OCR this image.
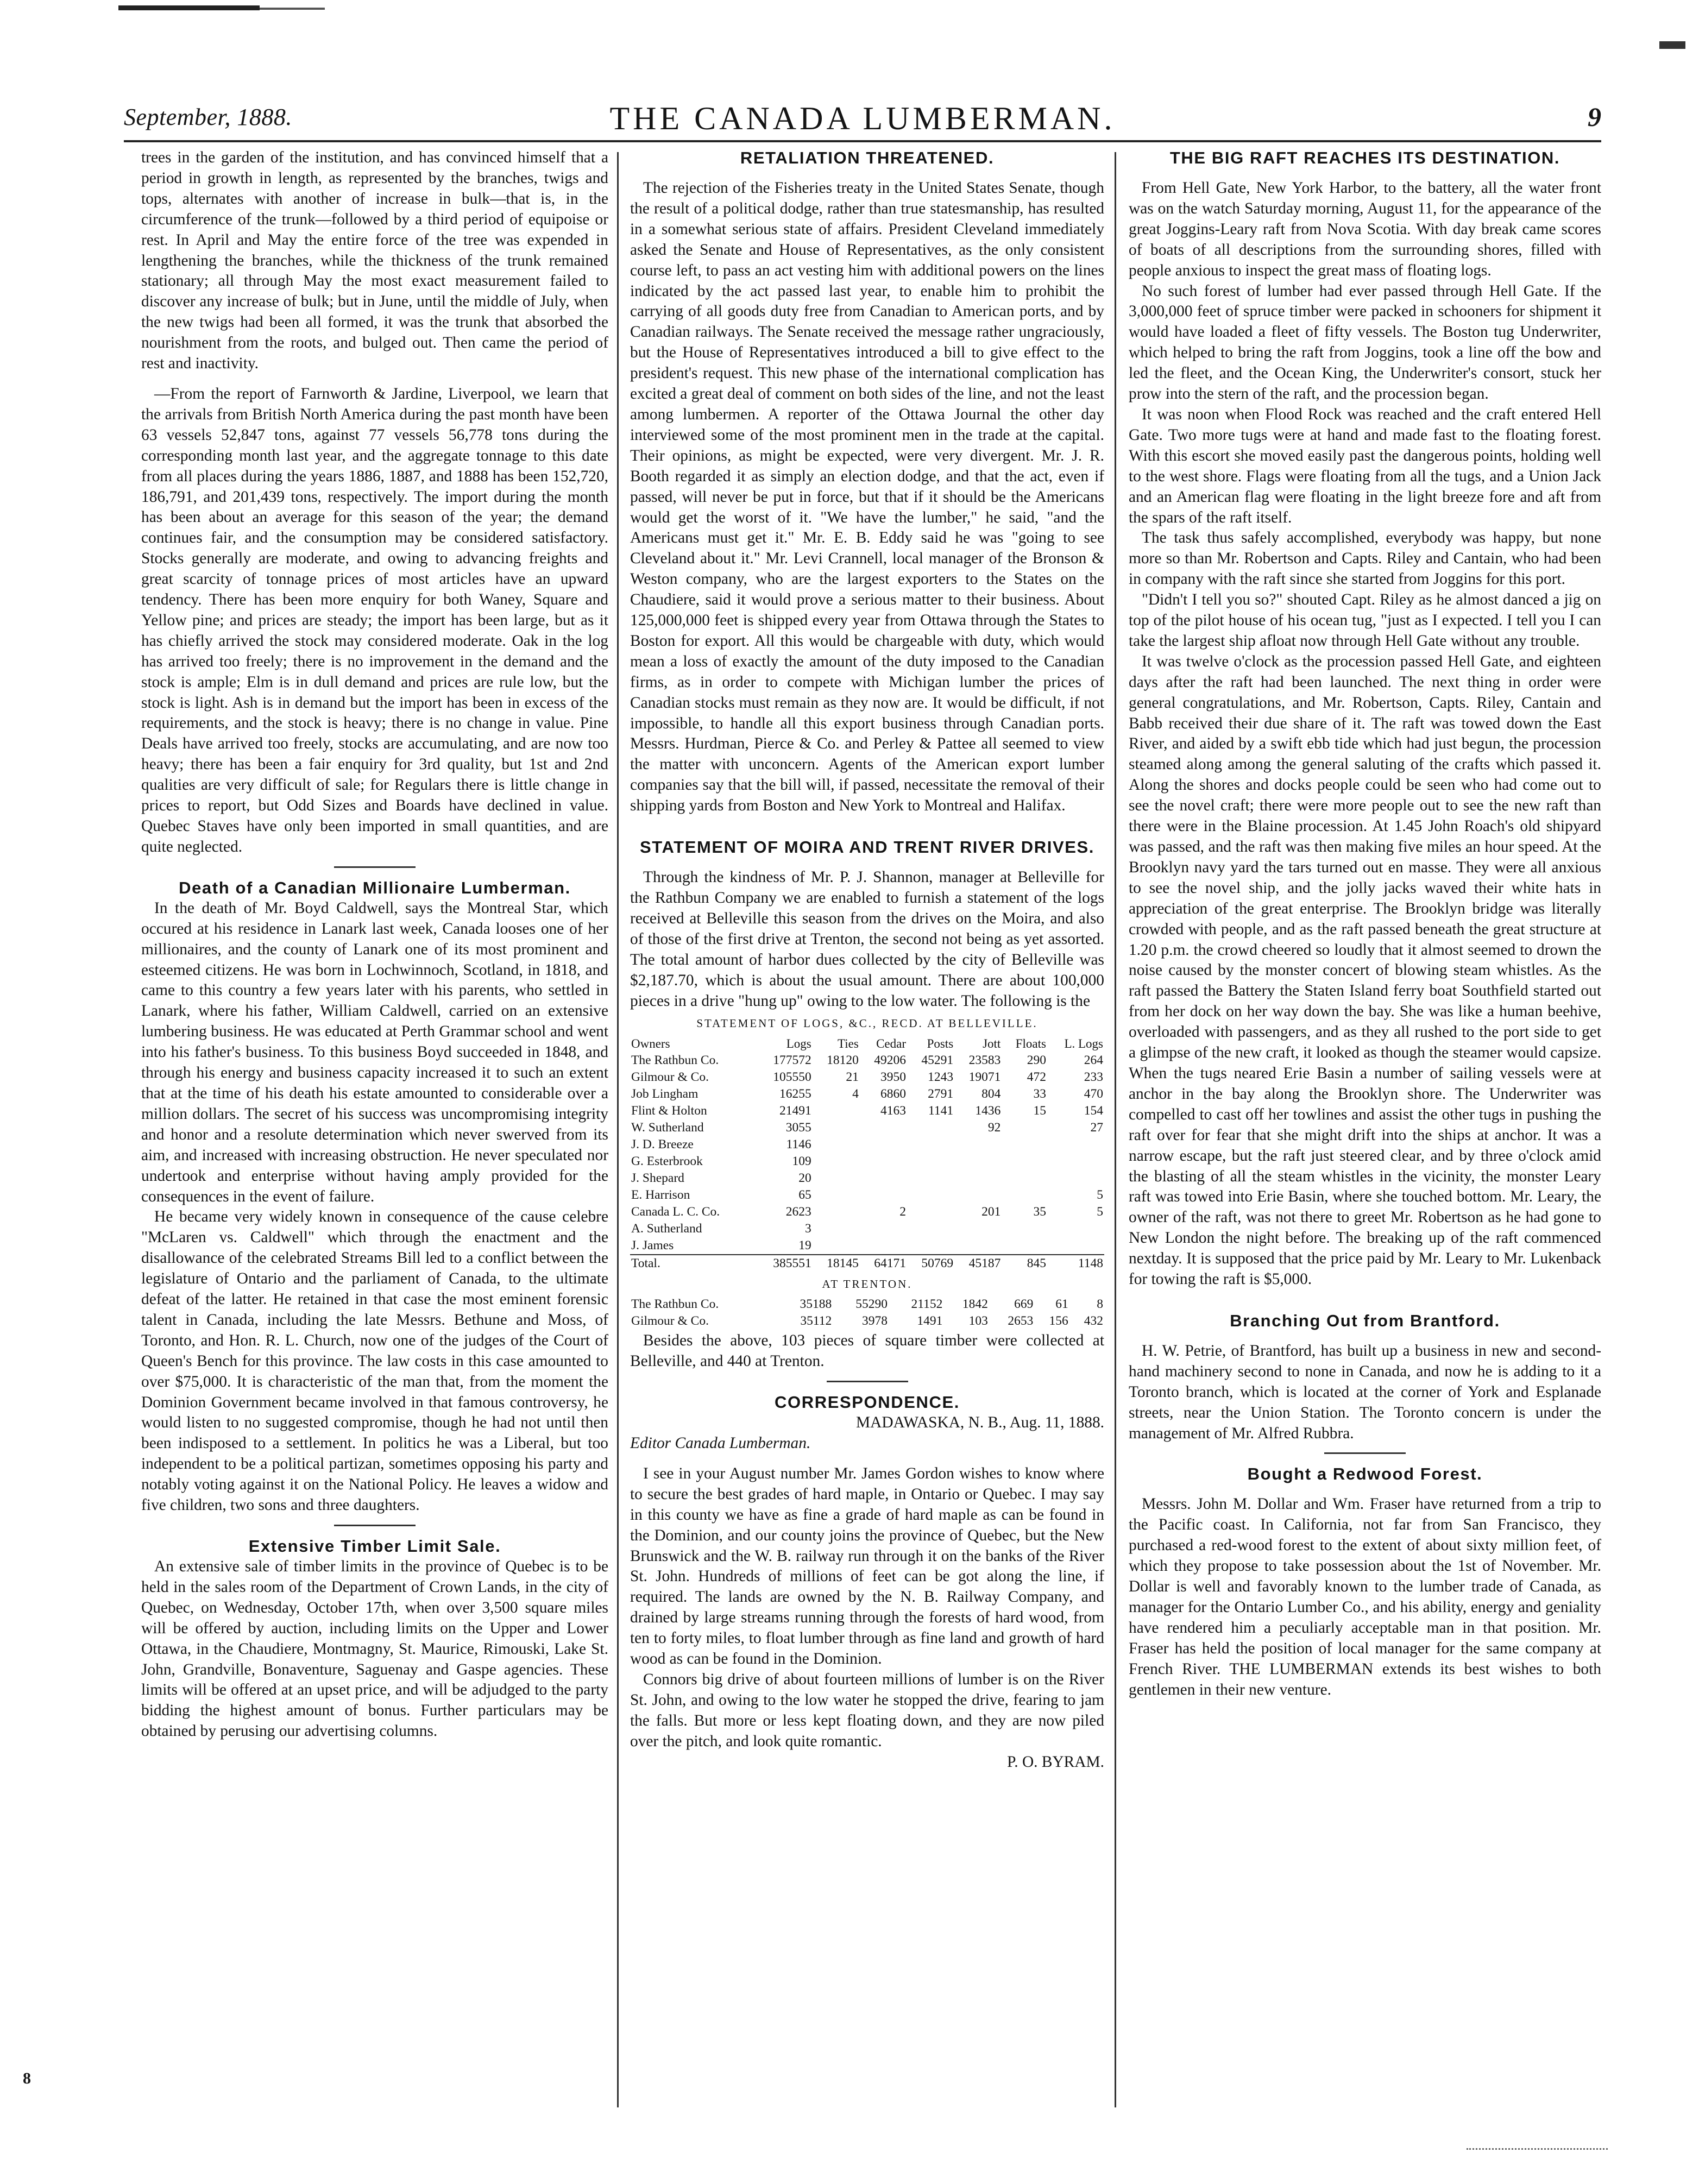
September, 1888.	THE CANADA LUMBERMAN.	9

trees in the garden of the institution, and has convinced himself that a period in growth in length, as represented by the branches, twigs and tops, alternates with another of increase in bulk—that is, in the circumference of the trunk—followed by a third period of equipoise or rest. In April and May the entire force of the tree was expended in lengthening the branches, while the thickness of the trunk remained stationary; all through May the most exact measurement failed to discover any increase of bulk; but in June, until the middle of July, when the new twigs had been all formed, it was the trunk that absorbed the nourishment from the roots, and bulged out. Then came the period of rest and inactivity.

—From the report of Farnworth & Jardine, Liverpool, we learn that the arrivals from British North America during the past month have been 63 vessels 52,847 tons, against 77 vessels 56,778 tons during the corresponding month last year, and the aggregate tonnage to this date from all places during the years 1886, 1887, and 1888 has been 152,720, 186,791, and 201,439 tons, respectively. The import during the month has been about an average for this season of the year; the demand continues fair, and the consumption may be considered satisfactory. Stocks generally are moderate, and owing to advancing freights and great scarcity of tonnage prices of most articles have an upward tendency. There has been more enquiry for both Waney, Square and Yellow pine; and prices are steady; the import has been large, but as it has chiefly arrived the stock may considered moderate. Oak in the log has arrived too freely; there is no improvement in the demand and the stock is ample; Elm is in dull demand and prices are rule low, but the stock is light. Ash is in demand but the import has been in excess of the requirements, and the stock is heavy; there is no change in value. Pine Deals have arrived too freely, stocks are accumulating, and are now too heavy; there has been a fair enquiry for 3rd quality, but 1st and 2nd qualities are very difficult of sale; for Regulars there is little change in prices to report, but Odd Sizes and Boards have declined in value. Quebec Staves have only been imported in small quantities, and are quite neglected.

Death of a Canadian Millionaire Lumberman.

In the death of Mr. Boyd Caldwell, says the Montreal Star, which occured at his residence in Lanark last week, Canada looses one of her millionaires, and the county of Lanark one of its most prominent and esteemed citizens. He was born in Lochwinnoch, Scotland, in 1818, and came to this country a few years later with his parents, who settled in Lanark, where his father, William Caldwell, carried on an extensive lumbering business. He was educated at Perth Grammar school and went into his father's business. To this business Boyd succeeded in 1848, and through his energy and business capacity increased it to such an extent that at the time of his death his estate amounted to considerable over a million dollars. The secret of his success was uncompromising integrity and honor and a resolute determination which never swerved from its aim, and increased with increasing obstruction. He never speculated nor undertook and enterprise without having amply provided for the consequences in the event of failure.

He became very widely known in consequence of the cause celebre "McLaren vs. Caldwell" which through the enactment and the disallowance of the celebrated Streams Bill led to a conflict between the legislature of Ontario and the parliament of Canada, to the ultimate defeat of the latter. He retained in that case the most eminent forensic talent in Canada, including the late Messrs. Bethune and Moss, of Toronto, and Hon. R. L. Church, now one of the judges of the Court of Queen's Bench for this province. The law costs in this case amounted to over $75,000. It is characteristic of the man that, from the moment the Dominion Government became involved in that famous controversy, he would listen to no suggested compromise, though he had not until then been indisposed to a settlement. In politics he was a Liberal, but too independent to be a political partizan, sometimes opposing his party and notably voting against it on the National Policy. He leaves a widow and five children, two sons and three daughters.

Extensive Timber Limit Sale.

An extensive sale of timber limits in the province of Quebec is to be held in the sales room of the Department of Crown Lands, in the city of Quebec, on Wednesday, October 17th, when over 3,500 square miles will be offered by auction, including limits on the Upper and Lower Ottawa, in the Chaudiere, Montmagny, St. Maurice, Rimouski, Lake St. John, Grandville, Bonaventure, Saguenay and Gaspe agencies. These limits will be offered at an upset price, and will be adjudged to the party bidding the highest amount of bonus. Further particulars may be obtained by perusing our advertising columns.

RETALIATION THREATENED.

The rejection of the Fisheries treaty in the United States Senate, though the result of a political dodge, rather than true statesmanship, has resulted in a somewhat serious state of affairs. President Cleveland immediately asked the Senate and House of Representatives, as the only consistent course left, to pass an act vesting him with additional powers on the lines indicated by the act passed last year, to enable him to prohibit the carrying of all goods duty free from Canadian to American ports, and by Canadian railways. The Senate received the message rather ungraciously, but the House of Representatives introduced a bill to give effect to the president's request. This new phase of the international complication has excited a great deal of comment on both sides of the line, and not the least among lumbermen. A reporter of the Ottawa Journal the other day interviewed some of the most prominent men in the trade at the capital. Their opinions, as might be expected, were very divergent. Mr. J. R. Booth regarded it as simply an election dodge, and that the act, even if passed, will never be put in force, but that if it should be the Americans would get the worst of it. "We have the lumber," he said, "and the Americans must get it." Mr. E. B. Eddy said he was "going to see Cleveland about it." Mr. Levi Crannell, local manager of the Bronson & Weston company, who are the largest exporters to the States on the Chaudiere, said it would prove a serious matter to their business. About 125,000,000 feet is shipped every year from Ottawa through the States to Boston for export. All this would be chargeable with duty, which would mean a loss of exactly the amount of the duty imposed to the Canadian firms, as in order to compete with Michigan lumber the prices of Canadian stocks must remain as they now are. It would be difficult, if not impossible, to handle all this export business through Canadian ports. Messrs. Hurdman, Pierce & Co. and Perley & Pattee all seemed to view the matter with unconcern. Agents of the American export lumber companies say that the bill will, if passed, necessitate the removal of their shipping yards from Boston and New York to Montreal and Halifax.

STATEMENT OF MOIRA AND TRENT RIVER DRIVES.

Through the kindness of Mr. P. J. Shannon, manager at Belleville for the Rathbun Company we are enabled to furnish a statement of the logs received at Belleville this season from the drives on the Moira, and also of those of the first drive at Trenton, the second not being as yet assorted. The total amount of harbor dues collected by the city of Belleville was $2,187.70, which is about the usual amount. There are about 100,000 pieces in a drive "hung up" owing to the low water. The following is the

STATEMENT OF LOGS, &C., RECD. AT BELLEVILLE.
Owners	Logs	Ties	Cedar	Posts	Jott	Floats	L. Logs
The Rathbun Co.	177572	18120	49206	45291	23583	290	264
Gilmour & Co.	105550	21	3950	1243	19071	472	233
Job Lingham	16255	4	6860	2791	804	33	470
Flint & Holton	21491		4163	1141	1436	15	154
W. Sutherland	3055				92		27
J. D. Breeze	1146						
G. Esterbrook	109						
J. Shepard	20						
E. Harrison	65						5
Canada L. C. Co.	2623		2		201	35	5
A. Sutherland	3						
J. James	19						
Total.	385551	18145	64171	50769	45187	845	1148
AT TRENTON.
The Rathbun Co.	35188	55290	21152	1842	669	61	8
Gilmour & Co.	35112	3978	1491	103	2653	156	432

Besides the above, 103 pieces of square timber were collected at Belleville, and 440 at Trenton.

CORRESPONDENCE.
MADAWASKA, N. B., Aug. 11, 1888.

Editor Canada Lumberman.

I see in your August number Mr. James Gordon wishes to know where to secure the best grades of hard maple, in Ontario or Quebec. I may say in this county we have as fine a grade of hard maple as can be found in the Dominion, and our county joins the province of Quebec, but the New Brunswick and the W. B. railway run through it on the banks of the River St. John. Hundreds of millions of feet can be got along the line, if required. The lands are owned by the N. B. Railway Company, and drained by large streams running through the forests of hard wood, from ten to forty miles, to float lumber through as fine land and growth of hard wood as can be found in the Dominion.

Connors big drive of about fourteen millions of lumber is on the River St. John, and owing to the low water he stopped the drive, fearing to jam the falls. But more or less kept floating down, and they are now piled over the pitch, and look quite romantic.

P. O. BYRAM.
THE BIG RAFT REACHES ITS DESTINATION.

From Hell Gate, New York Harbor, to the battery, all the water front was on the watch Saturday morning, August 11, for the appearance of the great Joggins-Leary raft from Nova Scotia. With day break came scores of boats of all descriptions from the surrounding shores, filled with people anxious to inspect the great mass of floating logs.

No such forest of lumber had ever passed through Hell Gate. If the 3,000,000 feet of spruce timber were packed in schooners for shipment it would have loaded a fleet of fifty vessels. The Boston tug Underwriter, which helped to bring the raft from Joggins, took a line off the bow and led the fleet, and the Ocean King, the Underwriter's consort, stuck her prow into the stern of the raft, and the procession began.

It was noon when Flood Rock was reached and the craft entered Hell Gate. Two more tugs were at hand and made fast to the floating forest. With this escort she moved easily past the dangerous points, holding well to the west shore. Flags were floating from all the tugs, and a Union Jack and an American flag were floating in the light breeze fore and aft from the spars of the raft itself.

The task thus safely accomplished, everybody was happy, but none more so than Mr. Robertson and Capts. Riley and Cantain, who had been in company with the raft since she started from Joggins for this port.

"Didn't I tell you so?" shouted Capt. Riley as he almost danced a jig on top of the pilot house of his ocean tug, "just as I expected. I tell you I can take the largest ship afloat now through Hell Gate without any trouble.

It was twelve o'clock as the procession passed Hell Gate, and eighteen days after the raft had been launched. The next thing in order were general congratulations, and Mr. Robertson, Capts. Riley, Cantain and Babb received their due share of it. The raft was towed down the East River, and aided by a swift ebb tide which had just begun, the procession steamed along among the general saluting of the crafts which passed it. Along the shores and docks people could be seen who had come out to see the novel craft; there were more people out to see the new raft than there were in the Blaine procession. At 1.45 John Roach's old shipyard was passed, and the raft was then making five miles an hour speed. At the Brooklyn navy yard the tars turned out en masse. They were all anxious to see the novel ship, and the jolly jacks waved their white hats in appreciation of the great enterprise. The Brooklyn bridge was literally crowded with people, and as the raft passed beneath the great structure at 1.20 p.m. the crowd cheered so loudly that it almost seemed to drown the noise caused by the monster concert of blowing steam whistles. As the raft passed the Battery the Staten Island ferry boat Southfield started out from her dock on her way down the bay. She was like a human beehive, overloaded with passengers, and as they all rushed to the port side to get a glimpse of the new craft, it looked as though the steamer would capsize. When the tugs neared Erie Basin a number of sailing vessels were at anchor in the bay along the Brooklyn shore. The Underwriter was compelled to cast off her towlines and assist the other tugs in pushing the raft over for fear that she might drift into the ships at anchor. It was a narrow escape, but the raft just steered clear, and by three o'clock amid the blasting of all the steam whistles in the vicinity, the monster Leary raft was towed into Erie Basin, where she touched bottom. Mr. Leary, the owner of the raft, was not there to greet Mr. Robertson as he had gone to New London the night before. The breaking up of the raft commenced nextday. It is supposed that the price paid by Mr. Leary to Mr. Lukenback for towing the raft is $5,000.

Branching Out from Brantford.

H. W. Petrie, of Brantford, has built up a business in new and second-hand machinery second to none in Canada, and now he is adding to it a Toronto branch, which is located at the corner of York and Esplanade streets, near the Union Station. The Toronto concern is under the management of Mr. Alfred Rubbra.

Bought a Redwood Forest.

Messrs. John M. Dollar and Wm. Fraser have returned from a trip to the Pacific coast. In California, not far from San Francisco, they purchased a red-wood forest to the extent of about sixty million feet, of which they propose to take possession about the 1st of November. Mr. Dollar is well and favorably known to the lumber trade of Canada, as manager for the Ontario Lumber Co., and his ability, energy and geniality have rendered him a peculiarly acceptable man in that position. Mr. Fraser has held the position of local manager for the same company at French River. THE LUMBERMAN extends its best wishes to both gentlemen in their new venture.

8
